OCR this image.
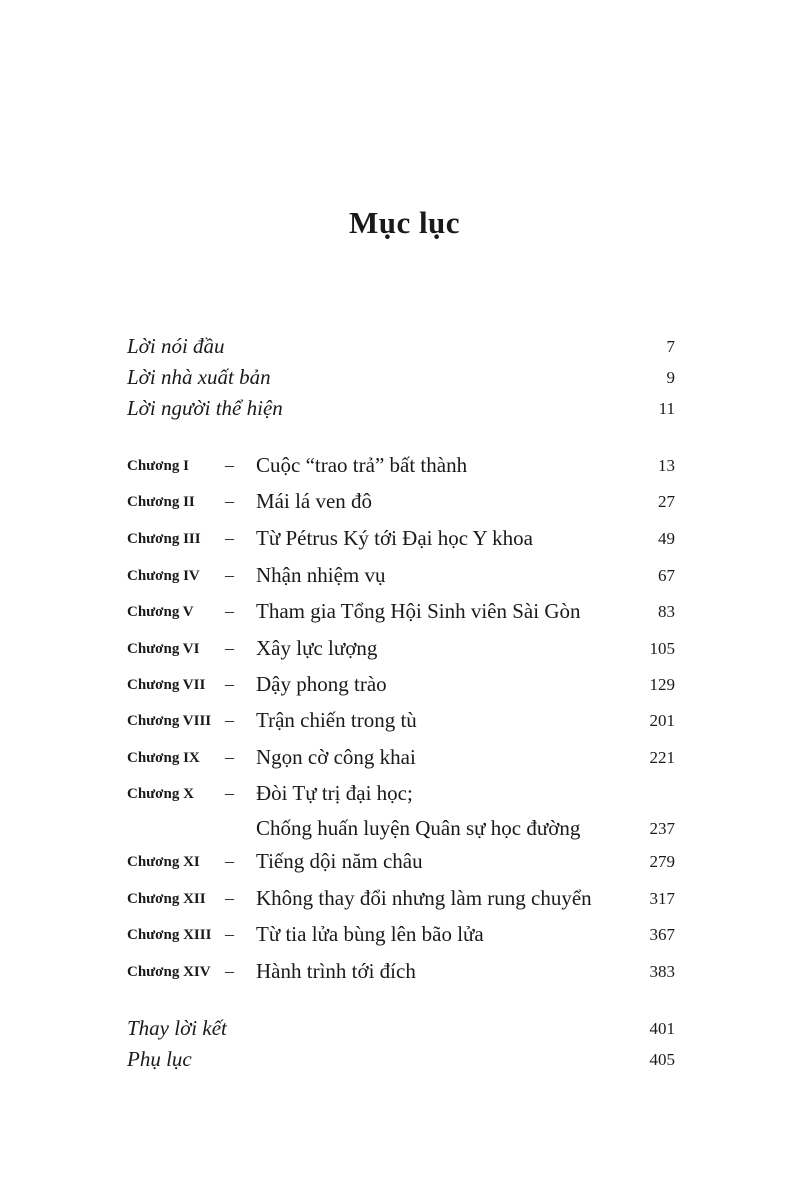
Mục lục
Lời nói đầu	7
Lời nhà xuất bản	9
Lời người thể hiện	11
Chương I – Cuộc “trao trả” bất thành	13
Chương II – Mái lá ven đô	27
Chương III – Từ Pétrus Ký tới Đại học Y khoa	49
Chương IV – Nhận nhiệm vụ	67
Chương V – Tham gia Tổng Hội Sinh viên Sài Gòn	83
Chương VI – Xây lực lượng	105
Chương VII – Dậy phong trào	129
Chương VIII – Trận chiến trong tù	201
Chương IX – Ngọn cờ công khai	221
Chương X – Đòi Tự trị đại học;
Chống huấn luyện Quân sự học đường	237
Chương XI – Tiếng dội năm châu	279
Chương XII – Không thay đổi nhưng làm rung chuyển	317
Chương XIII – Từ tia lửa bùng lên bão lửa	367
Chương XIV – Hành trình tới đích	383
Thay lời kết	401
Phụ lục	405
